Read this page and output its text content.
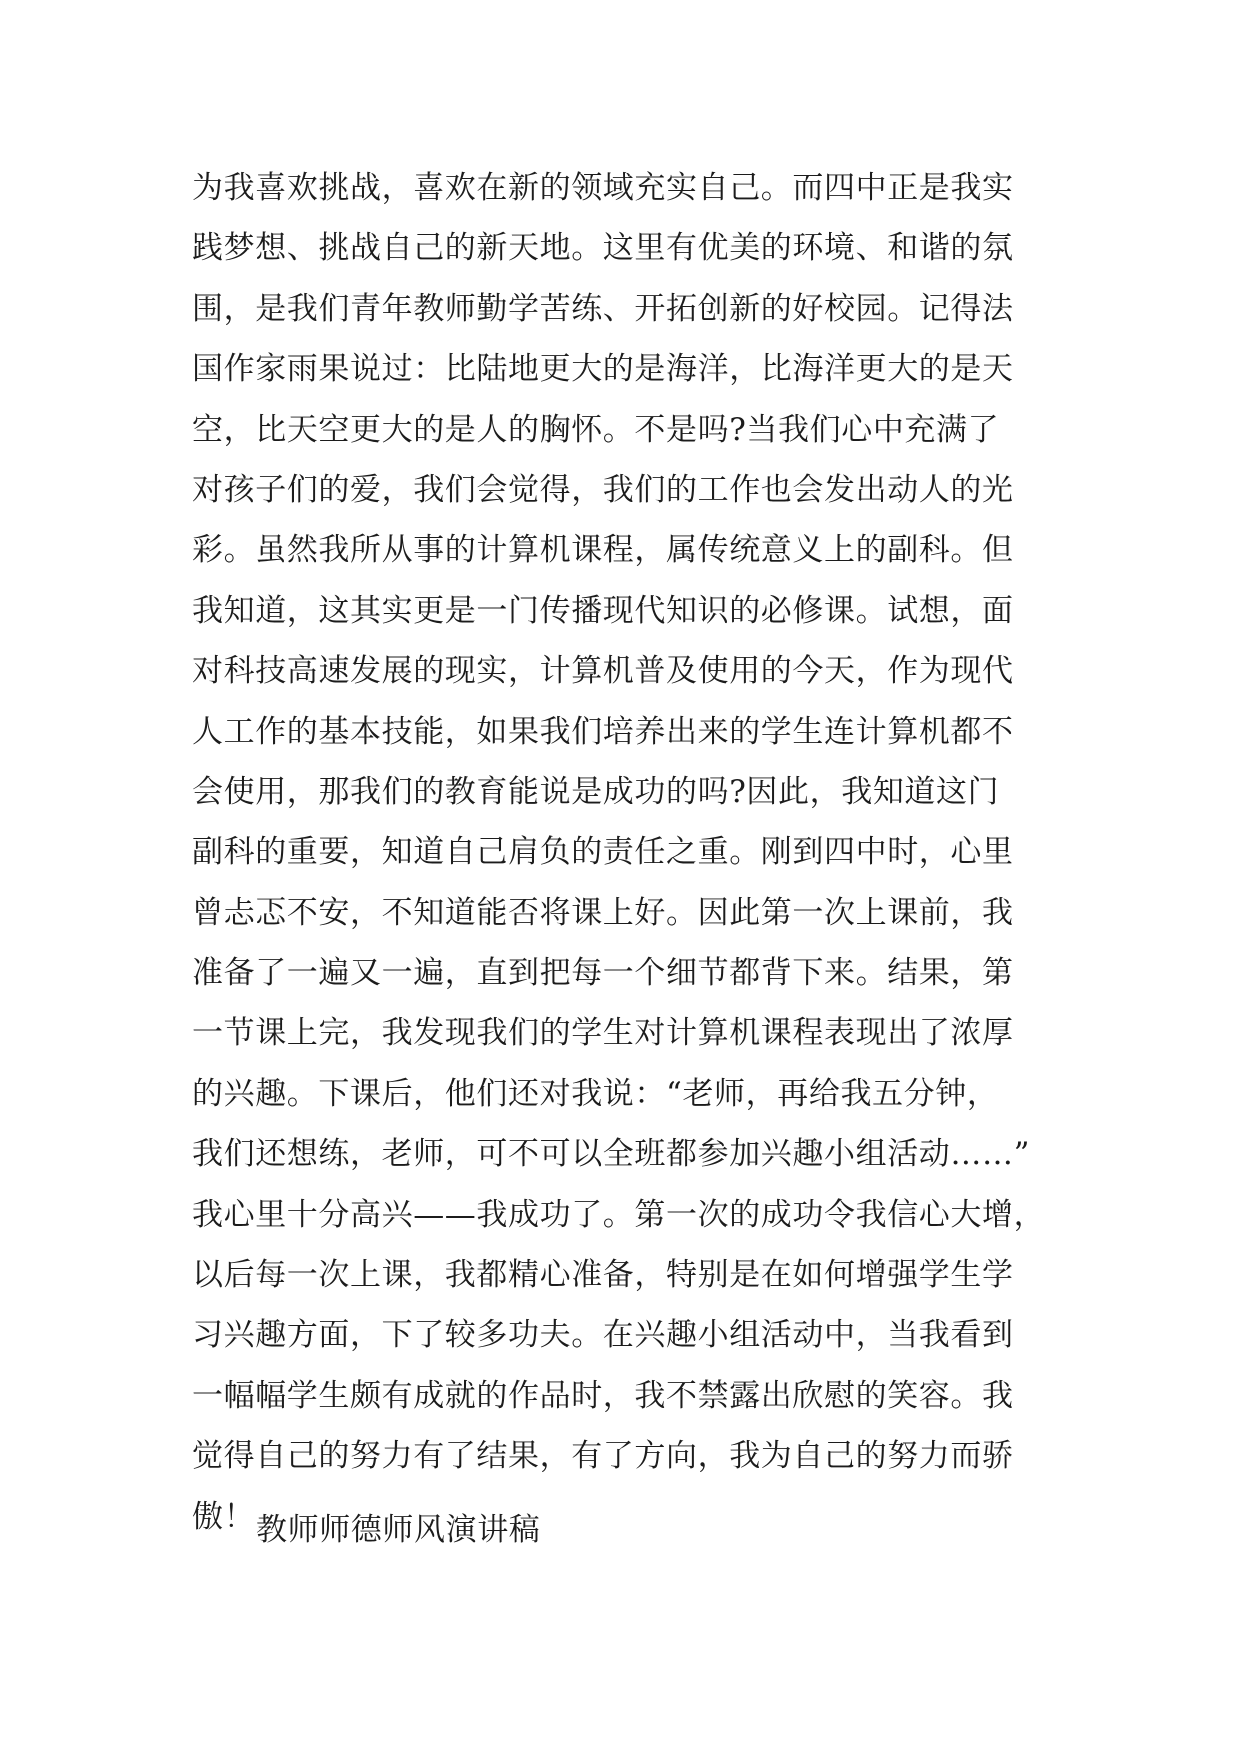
为我喜欢挑战，喜欢在新的领域充实自己。而四中正是我实
践梦想、挑战自己的新天地。这里有优美的环境、和谐的氛
围，是我们青年教师勤学苦练、开拓创新的好校园。记得法
国作家雨果说过：比陆地更大的是海洋，比海洋更大的是天
空，比天空更大的是人的胸怀。不是吗?当我们心中充满了
对孩子们的爱，我们会觉得，我们的工作也会发出动人的光
彩。虽然我所从事的计算机课程，属传统意义上的副科。但
我知道，这其实更是一门传播现代知识的必修课。试想，面
对科技高速发展的现实，计算机普及使用的今天，作为现代
人工作的基本技能，如果我们培养出来的学生连计算机都不
会使用，那我们的教育能说是成功的吗?因此，我知道这门
副科的重要，知道自己肩负的责任之重。刚到四中时，心里
曾忐忑不安，不知道能否将课上好。因此第一次上课前，我
准备了一遍又一遍，直到把每一个细节都背下来。结果，第
一节课上完，我发现我们的学生对计算机课程表现出了浓厚
的兴趣。下课后，他们还对我说：“老师，再给我五分钟，
我们还想练，老师，可不可以全班都参加兴趣小组活动……”
我心里十分高兴——我成功了。第一次的成功令我信心大增，
以后每一次上课，我都精心准备，特别是在如何增强学生学
习兴趣方面，下了较多功夫。在兴趣小组活动中，当我看到
一幅幅学生颇有成就的作品时，我不禁露出欣慰的笑容。我
觉得自己的努力有了结果，有了方向，我为自己的努力而骄
傲！ 教师师德师风演讲稿
